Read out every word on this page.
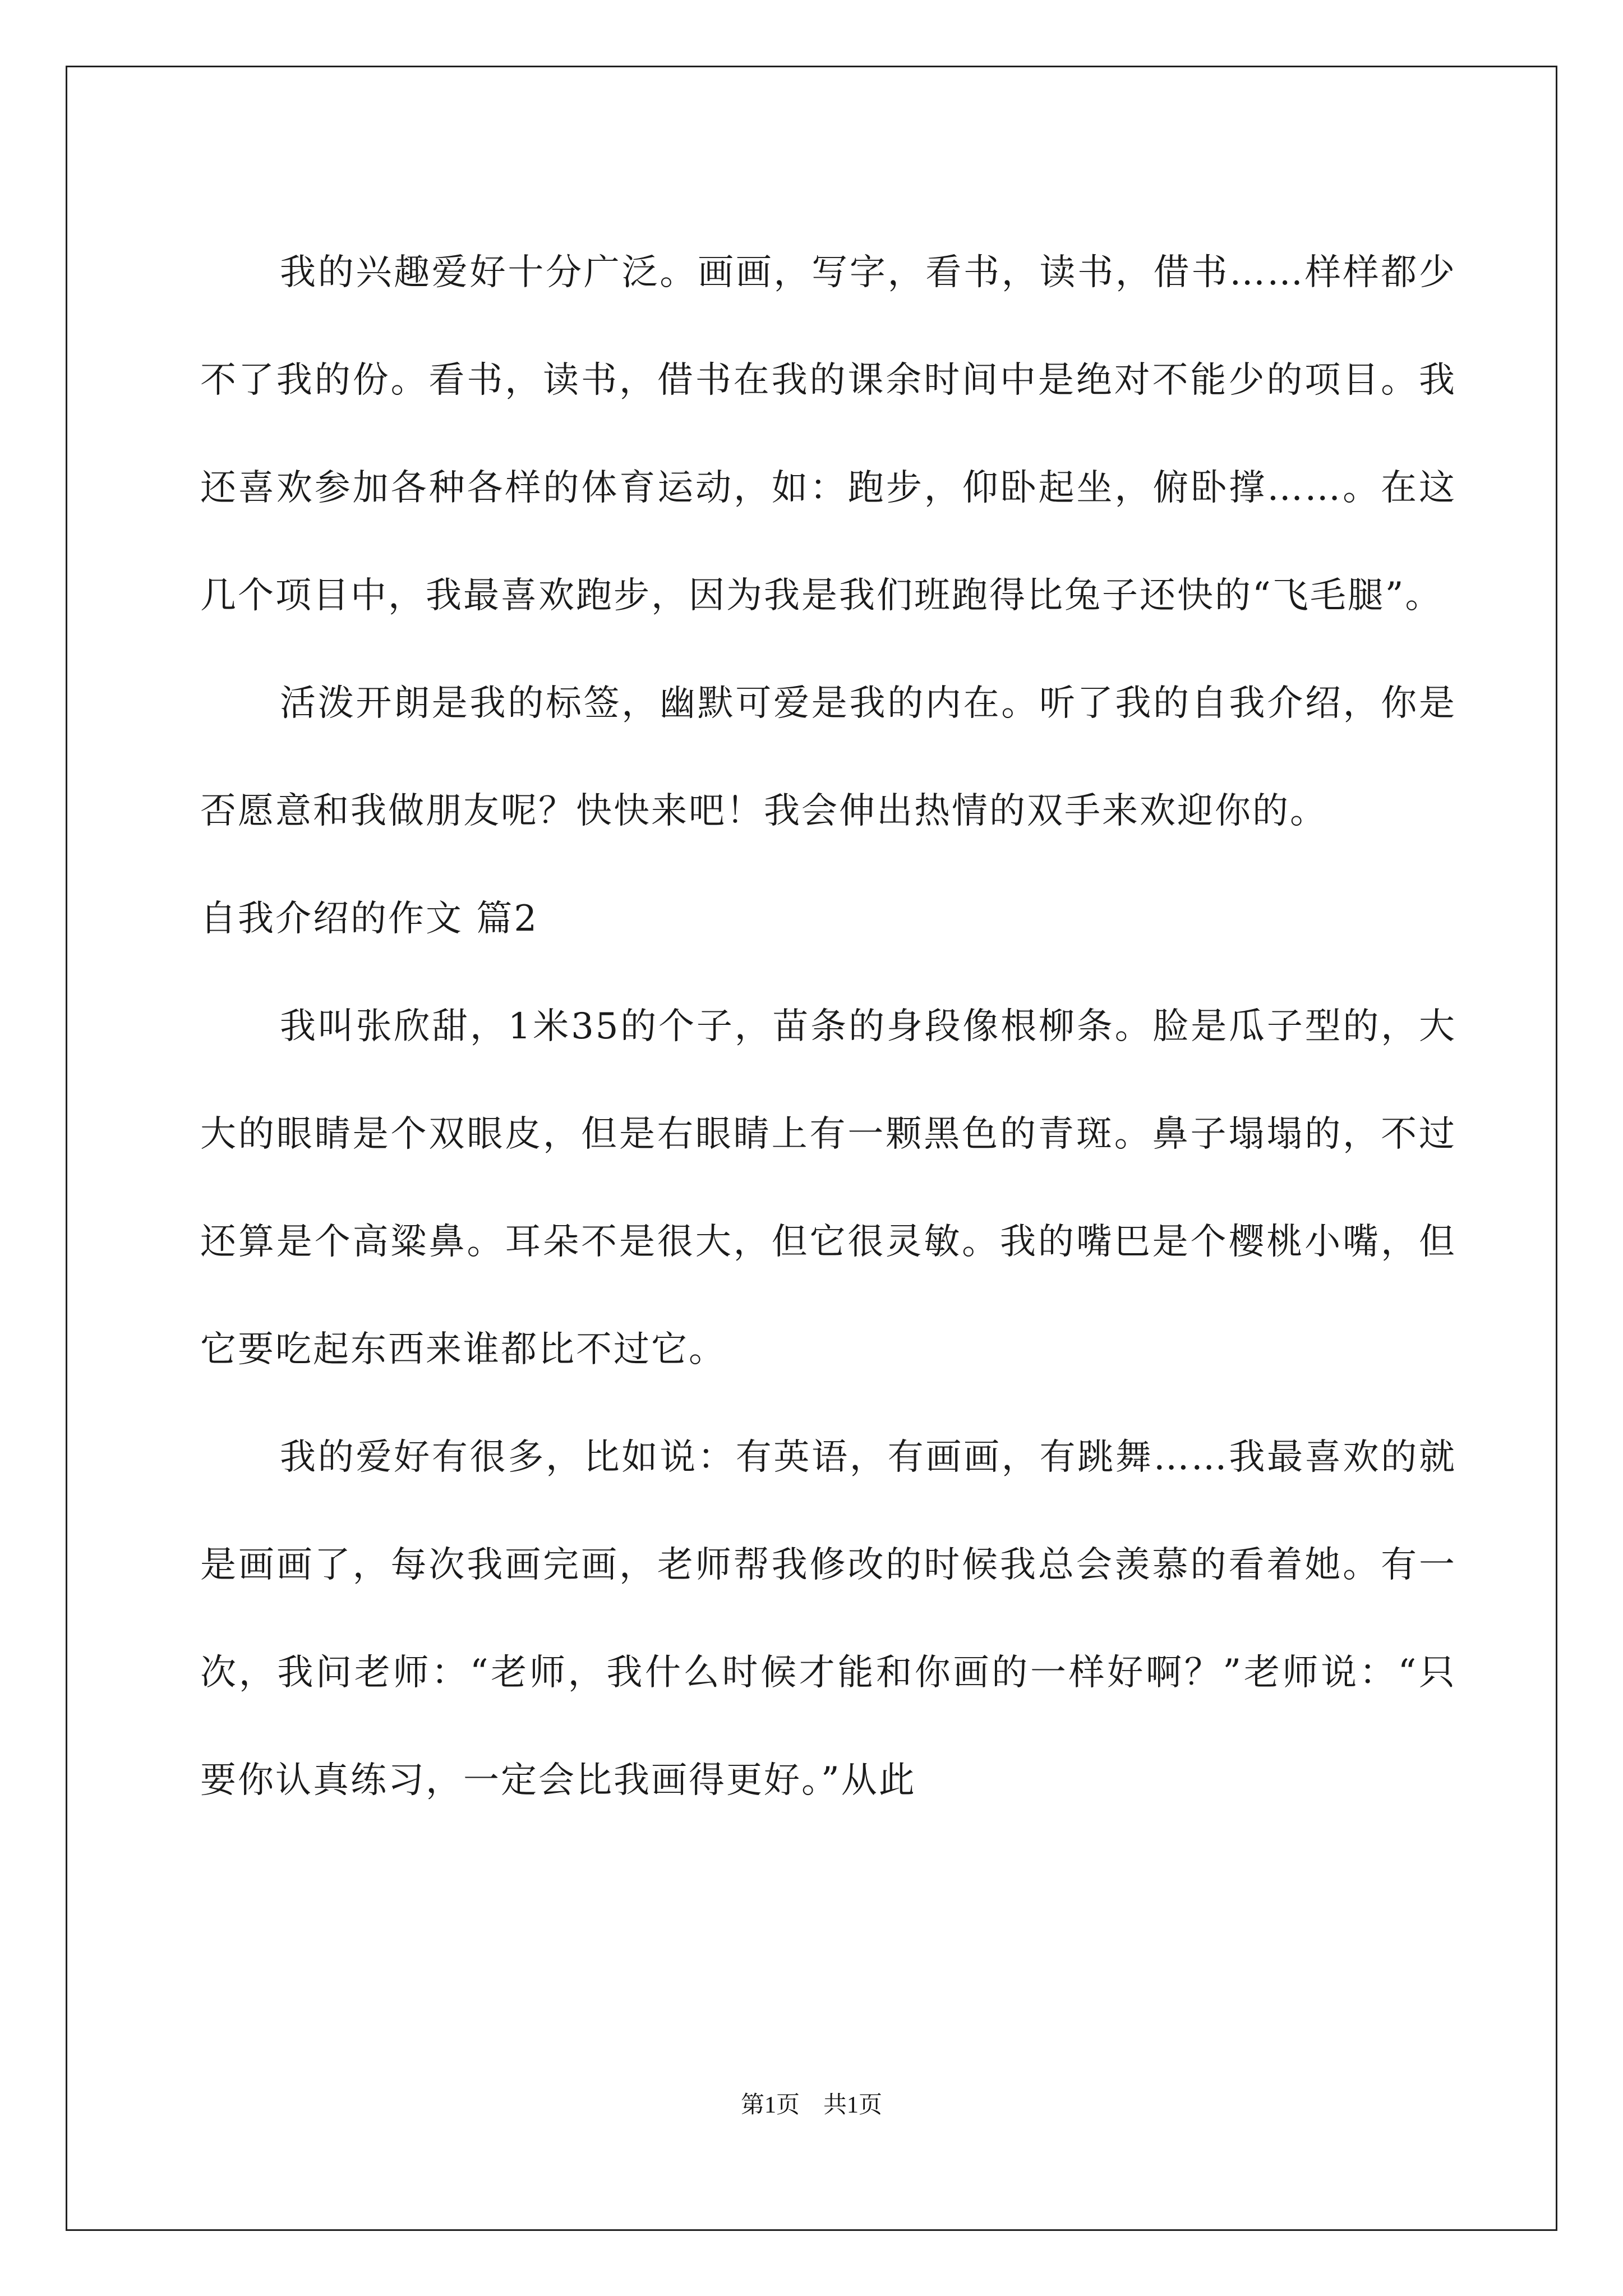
我的兴趣爱好十分广泛。画画，写字，看书，读书，借书……样样都少不了我的份。看书，读书，借书在我的课余时间中是绝对不能少的项目。我还喜欢参加各种各样的体育运动，如：跑步，仰卧起坐，俯卧撑……。在这几个项目中，我最喜欢跑步，因为我是我们班跑得比兔子还快的“飞毛腿”。

活泼开朗是我的标签，幽默可爱是我的内在。听了我的自我介绍，你是否愿意和我做朋友呢？快快来吧！我会伸出热情的双手来欢迎你的。

自我介绍的作文 篇2

我叫张欣甜，1米35的个子，苗条的身段像根柳条。脸是瓜子型的，大大的眼睛是个双眼皮，但是右眼睛上有一颗黑色的青斑。鼻子塌塌的，不过还算是个高粱鼻。耳朵不是很大，但它很灵敏。我的嘴巴是个樱桃小嘴，但它要吃起东西来谁都比不过它。

我的爱好有很多，比如说：有英语，有画画，有跳舞……我最喜欢的就是画画了，每次我画完画，老师帮我修改的时候我总会羡慕的看着她。有一次，我问老师：“老师，我什么时候才能和你画的一样好啊？”老师说：“只要你认真练习，一定会比我画得更好。”从此

第1页　共1页
